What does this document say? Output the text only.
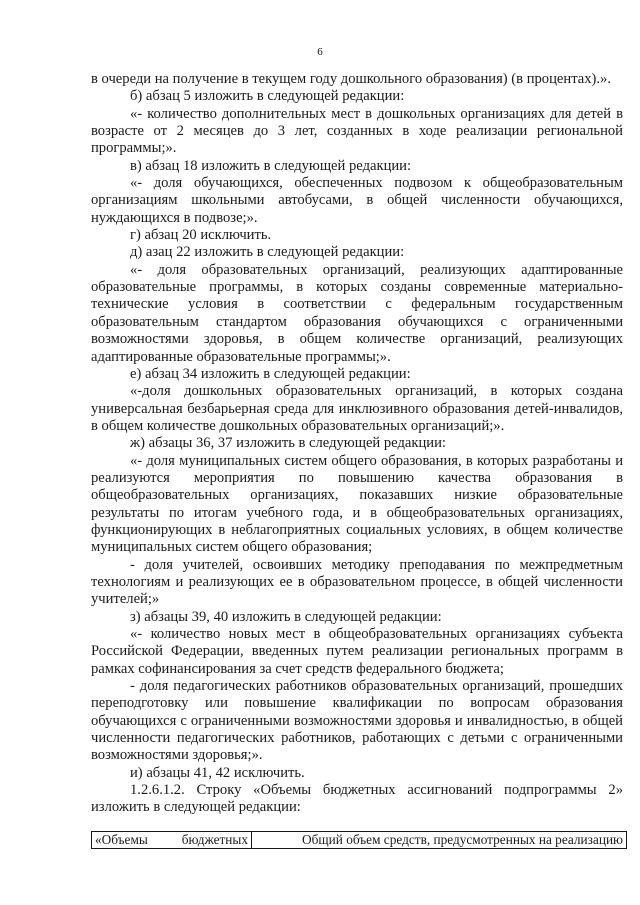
6

в очереди на получение в текущем году дошкольного образования) (в процентах).».

б) абзац 5 изложить в следующей редакции:

«- количество дополнительных мест в дошкольных организациях для детей в возрасте от 2 месяцев до 3 лет, созданных в ходе реализации региональной программы;».

в) абзац 18 изложить в следующей редакции:

«- доля обучающихся, обеспеченных подвозом к общеобразовательным организациям школьными автобусами, в общей численности обучающихся, нуждающихся в подвозе;».

г) абзац 20 исключить.

д) азац 22 изложить в следующей редакции:

«- доля образовательных организаций, реализующих адаптированные образовательные программы, в которых созданы современные материально-технические условия в соответствии с федеральным государственным образовательным стандартом образования обучающихся с ограниченными возможностями здоровья, в общем количестве организаций, реализующих адаптированные образовательные программы;».

е) абзац 34 изложить в следующей редакции:

«-доля дошкольных образовательных организаций, в которых создана универсальная безбарьерная среда для инклюзивного образования детей-инвалидов, в общем количестве дошкольных образовательных организаций;».

ж) абзацы 36, 37 изложить в следующей редакции:

«- доля муниципальных систем общего образования, в которых разработаны и реализуются мероприятия по повышению качества образования в общеобразовательных организациях, показавших низкие образовательные результаты по итогам учебного года, и в общеобразовательных организациях, функционирующих в неблагоприятных социальных условиях, в общем количестве муниципальных систем общего образования;

- доля учителей, освоивших методику преподавания по межпредметным технологиям и реализующих ее в образовательном процессе, в общей численности учителей;»

з) абзацы 39, 40 изложить в следующей редакции:

«- количество новых мест в общеобразовательных организациях субъекта Российской Федерации, введенных путем реализации региональных программ в рамках софинансирования за счет средств федерального бюджета;

- доля педагогических работников образовательных организаций, прошедших переподготовку или повышение квалификации по вопросам образования обучающихся с ограниченными возможностями здоровья и инвалидностью, в общей численности педагогических работников, работающих с детьми с ограниченными возможностями здоровья;».

и) абзацы 41, 42 исключить.

1.2.6.1.2. Строку «Объемы бюджетных ассигнований подпрограммы 2» изложить в следующей редакции:

«Объемы	бюджетных	Общий объем средств, предусмотренных на реализацию
